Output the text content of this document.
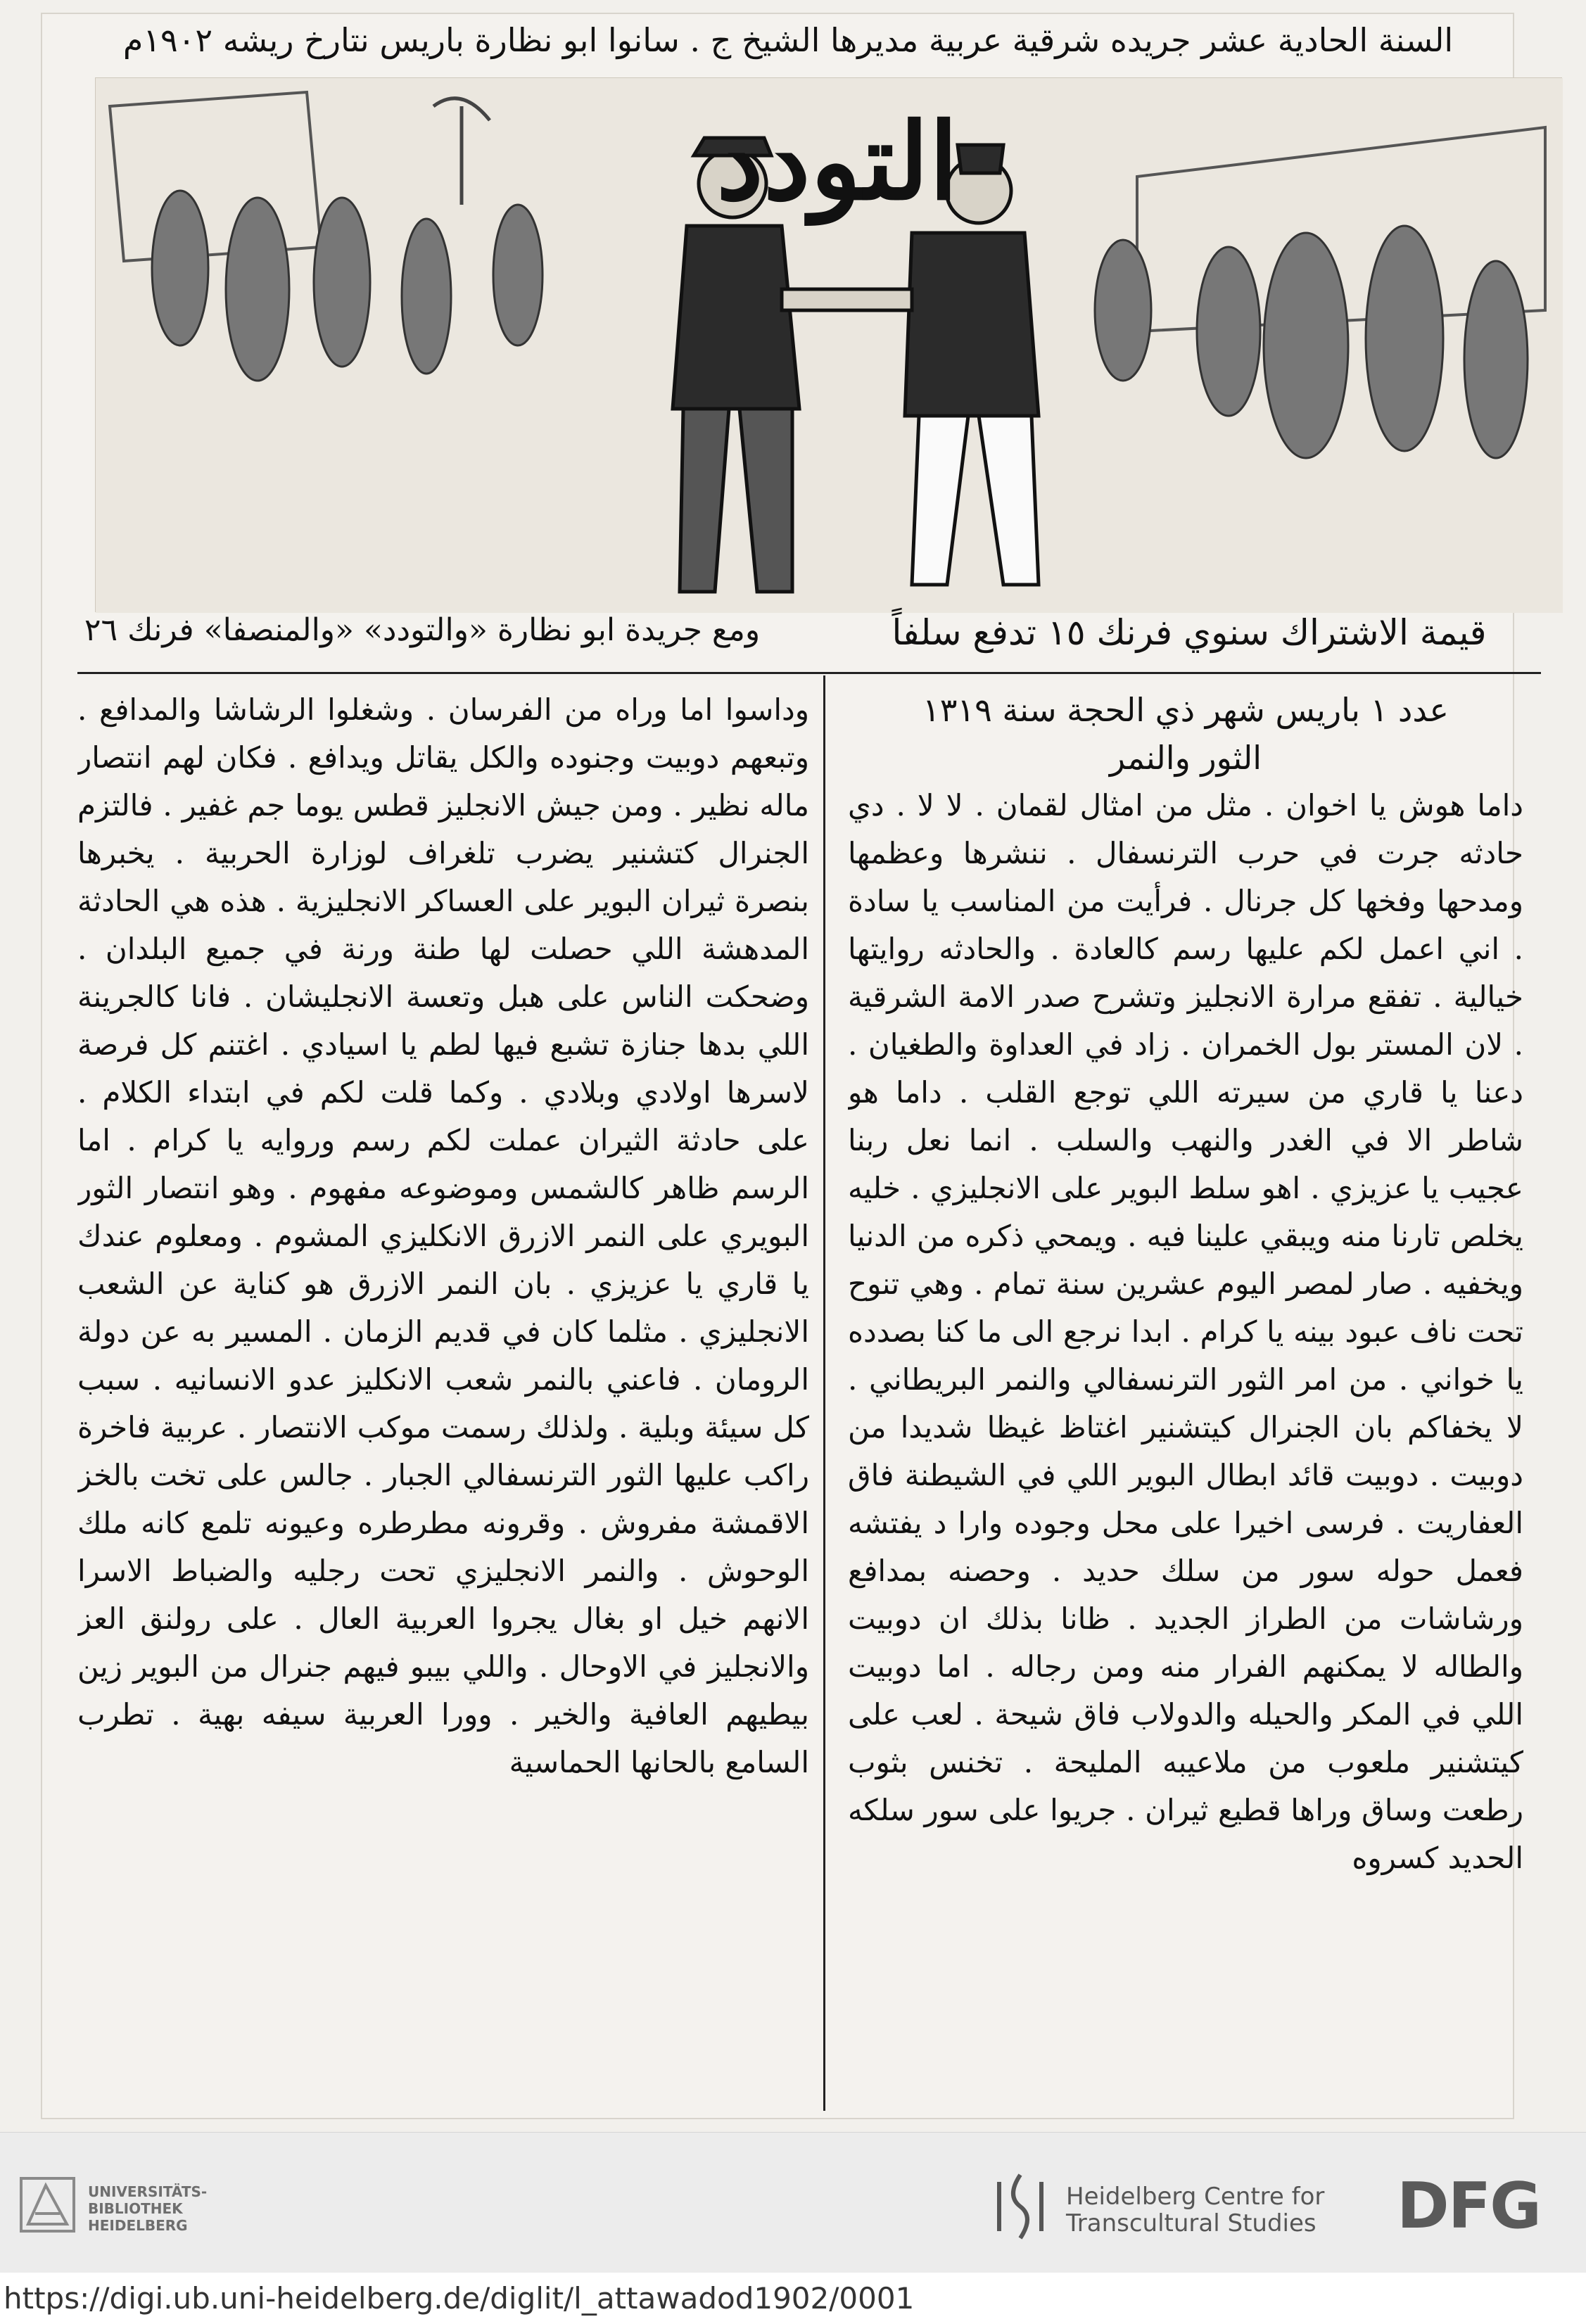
السنة الحادية عشر جريده شرقية عربية مديرها الشيخ ج . سانوا ابو نظارة باريس نتارخ ريشه ١٩٠٢م
التودد
قيمة الاشتراك سنوي فرنك ١٥ تدفع سلفاً
ومع جريدة ابو نظارة «والتودد» «والمنصفا» فرنك ٢٦

عدد ١ باريس شهر ذي الحجة سنة ١٣١٩

الثور والنمر

داما هوش يا اخوان . مثل من امثال لقمان . لا لا . دي حادثه جرت في حرب الترنسفال . ننشرها وعظمها ومدحها وفخها كل جرنال . فرأيت من المناسب يا سادة . اني اعمل لكم عليها رسم كالعادة . والحادثه روايتها خيالية . تفقع مرارة الانجليز وتشرح صدر الامة الشرقية . لان المستر بول الخمران . زاد في العداوة والطغيان . دعنا يا قاري من سيرته اللي توجع القلب . داما هو شاطر الا في الغدر والنهب والسلب . انما نعل ربنا عجيب يا عزيزي . اهو سلط البوير على الانجليزي . خليه يخلص تارنا منه ويبقي علينا فيه . ويمحي ذكره من الدنيا ويخفيه . صار لمصر اليوم عشرين سنة تمام . وهي تنوح تحت ناف عبود بينه يا كرام . ابدا نرجع الى ما كنا بصدده يا خواني . من امر الثور الترنسفالي والنمر البريطاني . لا يخفاكم بان الجنرال كيتشنير اغتاظ غيظا شديدا من دوبيت . دوبيت قائد ابطال البوير اللي في الشيطنة فاق العفاريت . فرسى اخيرا على محل وجوده وارا د يفتشه فعمل حوله سور من سلك حديد . وحصنه بمدافع ورشاشات من الطراز الجديد . ظانا بذلك ان دوبيت والطاله لا يمكنهم الفرار منه ومن رجاله . اما دوبيت اللي في المكر والحيله والدولاب فاق شيحة . لعب على كيتشنير ملعوب من ملاعيبه المليحة . تخنس بثوب رطعت وساق وراها قطيع ثيران . جريوا على سور سلكه الحديد كسروه

وداسوا اما وراه من الفرسان . وشغلوا الرشاشا والمدافع . وتبعهم دوبيت وجنوده والكل يقاتل ويدافع . فكان لهم انتصار ماله نظير . ومن جيش الانجليز قطس يوما جم غفير . فالتزم الجنرال كتشنير يضرب تلغراف لوزارة الحربية . يخبرها بنصرة ثيران البوير على العساكر الانجليزية . هذه هي الحادثة المدهشة اللي حصلت لها طنة ورنة في جميع البلدان . وضحكت الناس على هبل وتعسة الانجليشان . فانا كالجرينة اللي بدها جنازة تشبع فيها لطم يا اسيادي . اغتنم كل فرصة لاسرها اولادي وبلادي . وكما قلت لكم في ابتداء الكلام . على حادثة الثيران عملت لكم رسم وروايه يا كرام . اما الرسم ظاهر كالشمس وموضوعه مفهوم . وهو انتصار الثور البويري على النمر الازرق الانكليزي المشوم . ومعلوم عندك يا قاري يا عزيزي . بان النمر الازرق هو كناية عن الشعب الانجليزي . مثلما كان في قديم الزمان . المسير به عن دولة الرومان . فاعني بالنمر شعب الانكليز عدو الانسانيه . سبب كل سيئة وبلية . ولذلك رسمت موكب الانتصار . عربية فاخرة راكب عليها الثور الترنسفالي الجبار . جالس على تخت بالخز الاقمشة مفروش . وقرونه مطرطره وعيونه تلمع كانه ملك الوحوش . والنمر الانجليزي تحت رجليه والضباط الاسرا الانهم خيل او بغال يجروا العربية العال . على رولنق العز والانجليز في الاوحال . واللي بيبو فيهم جنرال من البوير زين بيطيهم العافية والخير . وورا العربية سيفه بهية . تطرب السامع بالحانها الحماسية

UNIVERSITÄTS-
BIBLIOTHEK
HEIDELBERG
Heidelberg Centre for
Transcultural Studies	DFG
https://digi.ub.uni-heidelberg.de/diglit/l_attawadod1902/0001
